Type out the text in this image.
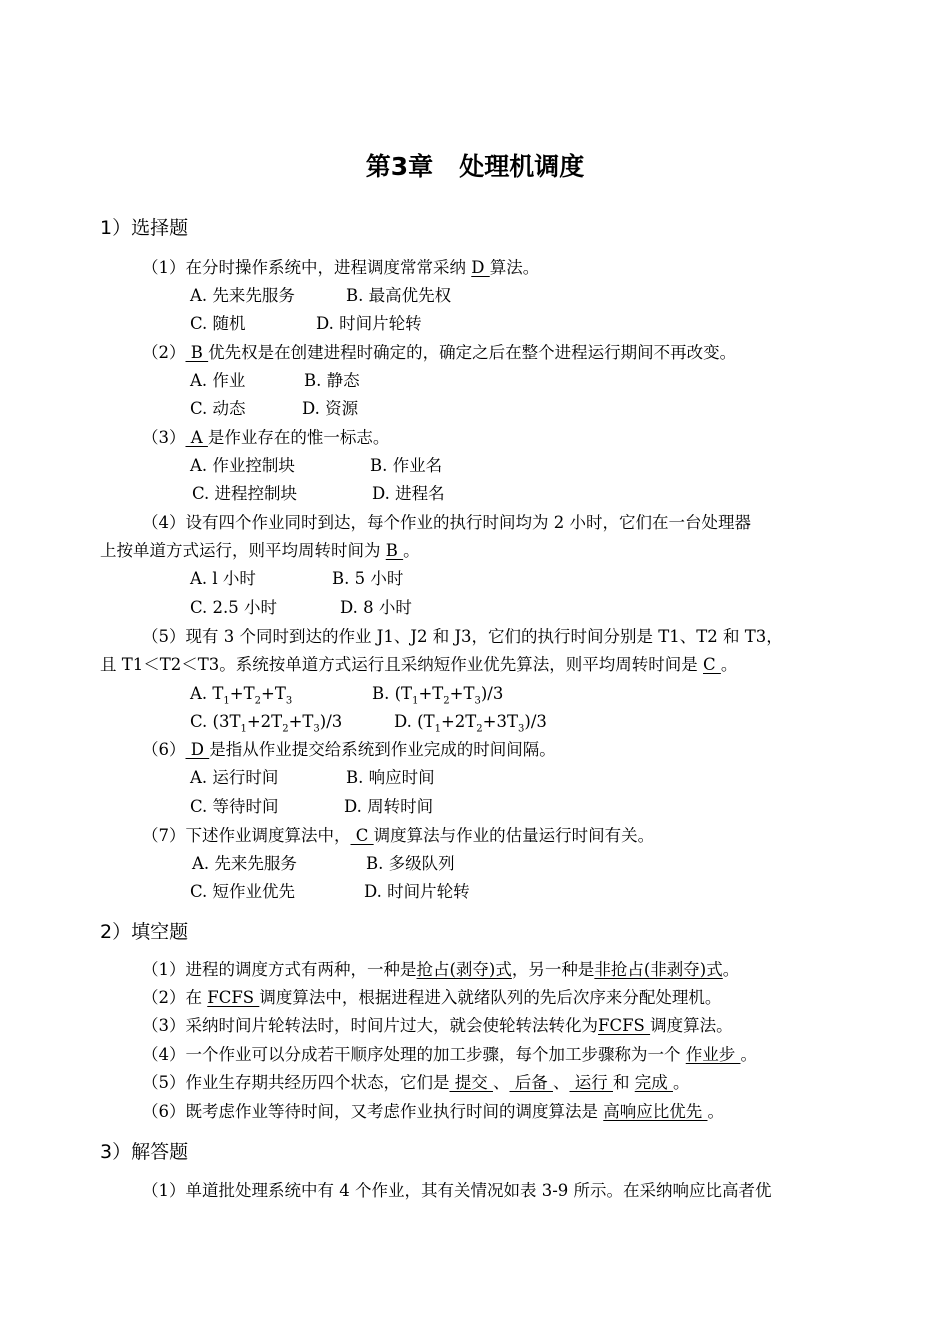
第3章 处理机调度
1）选择题
（1）在分时操作系统中，进程调度常常采纳 D 算法。
A. 先来先服务	B. 最高优先权
C. 随机	D. 时间片轮转
（2） B 优先权是在创建进程时确定的，确定之后在整个进程运行期间不再改变。
A. 作业	B. 静态
C. 动态	D. 资源
（3） A 是作业存在的惟一标志。
A. 作业控制块	B. 作业名
C. 进程控制块	D. 进程名
（4）设有四个作业同时到达，每个作业的执行时间均为 2 小时，它们在一台处理器
上按单道方式运行，则平均周转时间为 B 。
A. l 小时	B. 5 小时
C. 2.5 小时	D. 8 小时
（5）现有 3 个同时到达的作业 J1、J2 和 J3，它们的执行时间分别是 T1、T2 和 T3，
且 T1＜T2＜T3。系统按单道方式运行且采纳短作业优先算法，则平均周转时间是 C 。
A. $T_1+T_2+T_3$	B. $(T_1+T_2+T_3)/3$
C. $(3T_1+2T_2+T_3)/3$	D. $(T_1+2T_2+3T_3)/3$
（6） D 是指从作业提交给系统到作业完成的时间间隔。
A. 运行时间	B. 响应时间
C. 等待时间	D. 周转时间
（7）下述作业调度算法中， C 调度算法与作业的估量运行时间有关。
A. 先来先服务	B. 多级队列
C. 短作业优先	D. 时间片轮转
2）填空题
（1）进程的调度方式有两种，一种是抢占(剥夺)式，另一种是非抢占(非剥夺)式。
（2）在 FCFS 调度算法中，根据进程进入就绪队列的先后次序来分配处理机。
（3）采纳时间片轮转法时，时间片过大，就会使轮转法转化为FCFS 调度算法。
（4）一个作业可以分成若干顺序处理的加工步骤，每个加工步骤称为一个 作业步 。
（5）作业生存期共经历四个状态，它们是 提交 、 后备 、 运行 和 完成 。
（6）既考虑作业等待时间，又考虑作业执行时间的调度算法是 高响应比优先 。
3）解答题
（1）单道批处理系统中有 4 个作业，其有关情况如表 3-9 所示。在采纳响应比高者优
